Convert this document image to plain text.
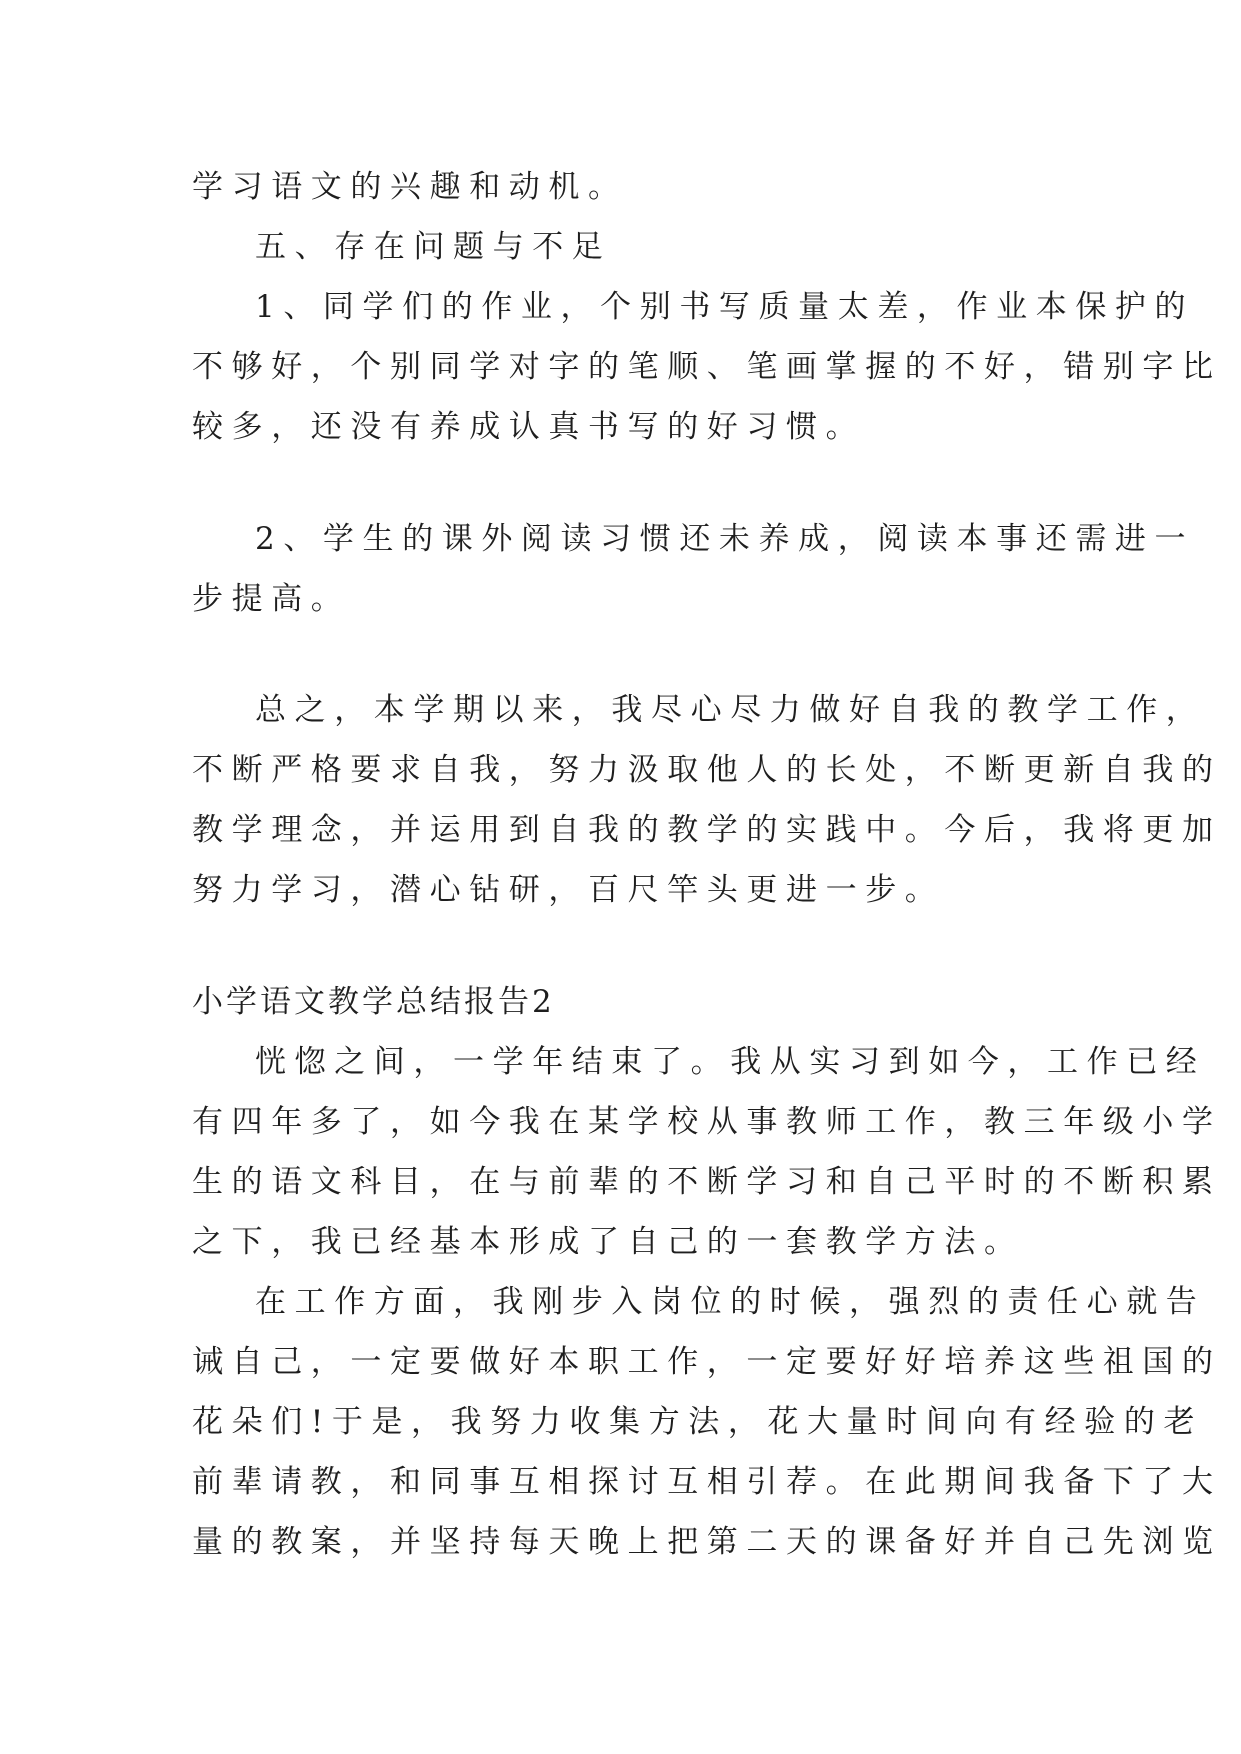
学习语文的兴趣和动机。
五、存在问题与不足
1、同学们的作业，个别书写质量太差，作业本保护的
不够好，个别同学对字的笔顺、笔画掌握的不好，错别字比
较多，还没有养成认真书写的好习惯。
2、学生的课外阅读习惯还未养成，阅读本事还需进一
步提高。
总之，本学期以来，我尽心尽力做好自我的教学工作，
不断严格要求自我，努力汲取他人的长处，不断更新自我的
教学理念，并运用到自我的教学的实践中。今后，我将更加
努力学习，潜心钻研，百尺竿头更进一步。
小学语文教学总结报告2
恍惚之间，一学年结束了。我从实习到如今，工作已经
有四年多了，如今我在某学校从事教师工作，教三年级小学
生的语文科目，在与前辈的不断学习和自己平时的不断积累
之下，我已经基本形成了自己的一套教学方法。
在工作方面，我刚步入岗位的时候，强烈的责任心就告
诫自己，一定要做好本职工作，一定要好好培养这些祖国的
花朵们!于是，我努力收集方法，花大量时间向有经验的老
前辈请教，和同事互相探讨互相引荐。在此期间我备下了大
量的教案，并坚持每天晚上把第二天的课备好并自己先浏览
